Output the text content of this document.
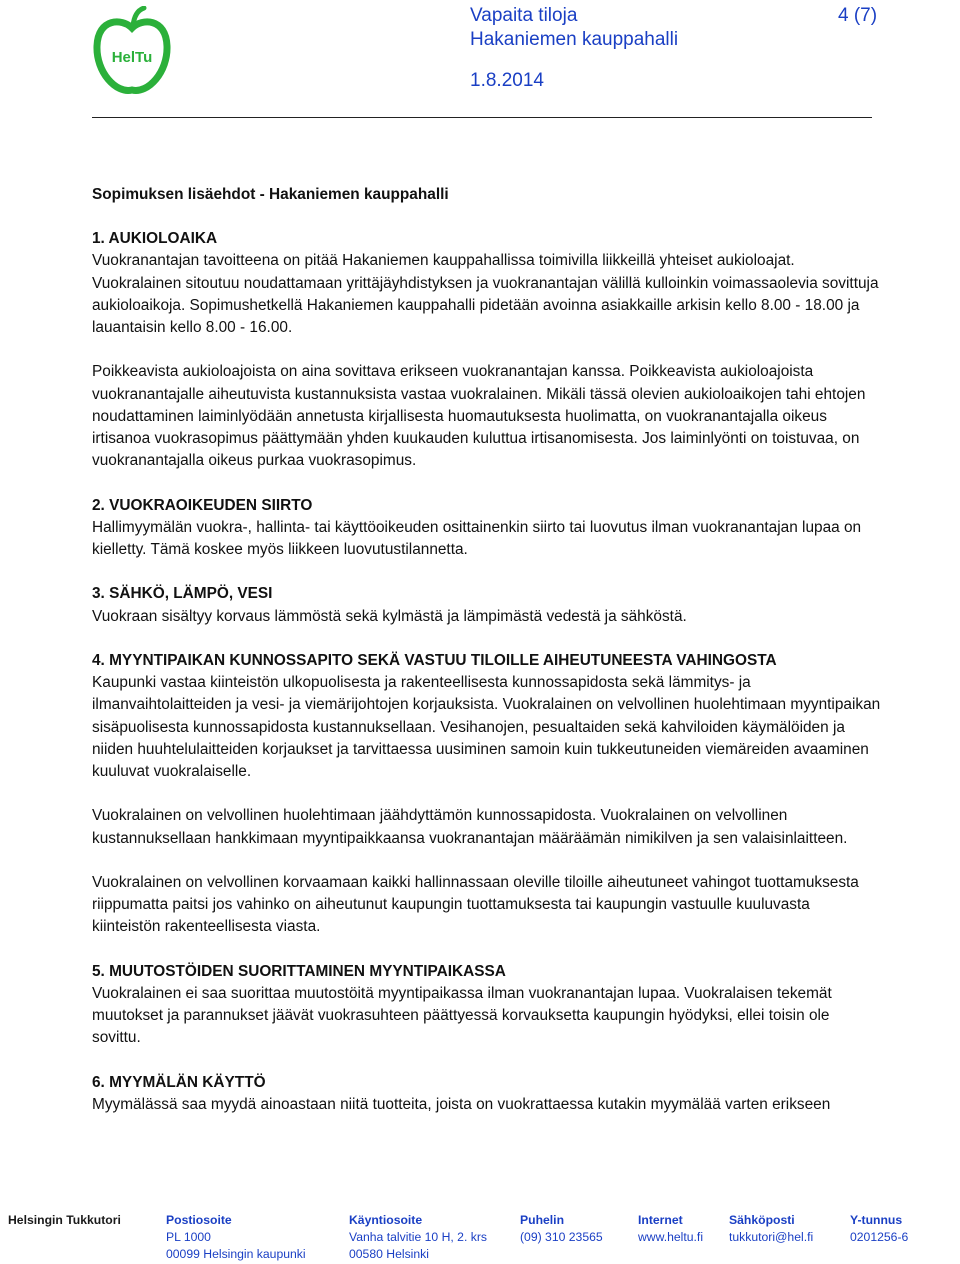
HelTu
Vapaita tiloja
Hakaniemen kauppahalli
1.8.2014
4 (7)

Sopimuksen lisäehdot - Hakaniemen kauppahalli

1. AUKIOLOAIKA

Vuokranantajan tavoitteena on pitää Hakaniemen kauppahallissa toimivilla liikkeillä yhteiset aukioloajat. Vuokralainen sitoutuu noudattamaan yrittäjäyhdistyksen ja vuokranantajan välillä kulloinkin voimassaolevia sovittuja aukioloaikoja. Sopimushetkellä Hakaniemen kauppahalli pidetään avoinna asiakkaille arkisin kello 8.00 - 18.00 ja lauantaisin kello 8.00 - 16.00.

Poikkeavista aukioloajoista on aina sovittava erikseen vuokranantajan kanssa. Poikkeavista aukioloajoista vuokranantajalle aiheutuvista kustannuksista vastaa vuokralainen. Mikäli tässä olevien aukioloaikojen tahi ehtojen noudattaminen laiminlyödään annetusta kirjallisesta huomautuksesta huolimatta, on vuokranantajalla oikeus irtisanoa vuokrasopimus päättymään yhden kuukauden kuluttua irtisanomisesta. Jos laiminlyönti on toistuvaa, on vuokranantajalla oikeus purkaa vuokrasopimus.

2. VUOKRAOIKEUDEN SIIRTO

Hallimyymälän vuokra-, hallinta- tai käyttöoikeuden osittainenkin siirto tai luovutus ilman vuokranantajan lupaa on kielletty. Tämä koskee myös liikkeen luovutustilannetta.

3. SÄHKÖ, LÄMPÖ, VESI

Vuokraan sisältyy korvaus lämmöstä sekä kylmästä ja lämpimästä vedestä ja sähköstä.

4. MYYNTIPAIKAN KUNNOSSAPITO SEKÄ VASTUU TILOILLE AIHEUTUNEESTA VAHINGOSTA

Kaupunki vastaa kiinteistön ulkopuolisesta ja rakenteellisesta kunnossapidosta sekä lämmitys- ja ilmanvaihtolaitteiden ja vesi- ja viemärijohtojen korjauksista. Vuokralainen on velvollinen huolehtimaan myyntipaikan sisäpuolisesta kunnossapidosta kustannuksellaan. Vesihanojen, pesualtaiden sekä kahviloiden käymälöiden ja niiden huuhtelulaitteiden korjaukset ja tarvittaessa uusiminen samoin kuin tukkeutuneiden viemäreiden avaaminen kuuluvat vuokralaiselle.

Vuokralainen on velvollinen huolehtimaan jäähdyttämön kunnossapidosta. Vuokralainen on velvollinen kustannuksellaan hankkimaan myyntipaikkaansa vuokranantajan määräämän nimikilven ja sen valaisinlaitteen.

Vuokralainen on velvollinen korvaamaan kaikki hallinnassaan oleville tiloille aiheutuneet vahingot tuottamuksesta riippumatta paitsi jos vahinko on aiheutunut kaupungin tuottamuksesta tai kaupungin vastuulle kuuluvasta kiinteistön rakenteellisesta viasta.

5. MUUTOSTÖIDEN SUORITTAMINEN MYYNTIPAIKASSA

Vuokralainen ei saa suorittaa muutostöitä myyntipaikassa ilman vuokranantajan lupaa. Vuokralaisen tekemät muutokset ja parannukset jäävät vuokrasuhteen päättyessä korvauksetta kaupungin hyödyksi, ellei toisin ole sovittu.

6. MYYMÄLÄN KÄYTTÖ

Myymälässä saa myydä ainoastaan niitä tuotteita, joista on vuokrattaessa kutakin myymälää varten erikseen

Helsingin Tukkutori	Postiosoite
PL 1000
00099 Helsingin kaupunki
Käyntiosoite
Vanha talvitie 10 H, 2. krs
00580 Helsinki
Puhelin
(09) 310 23565
Internet
www.heltu.fi
Sähköposti
tukkutori@hel.fi
Y-tunnus
0201256-6
